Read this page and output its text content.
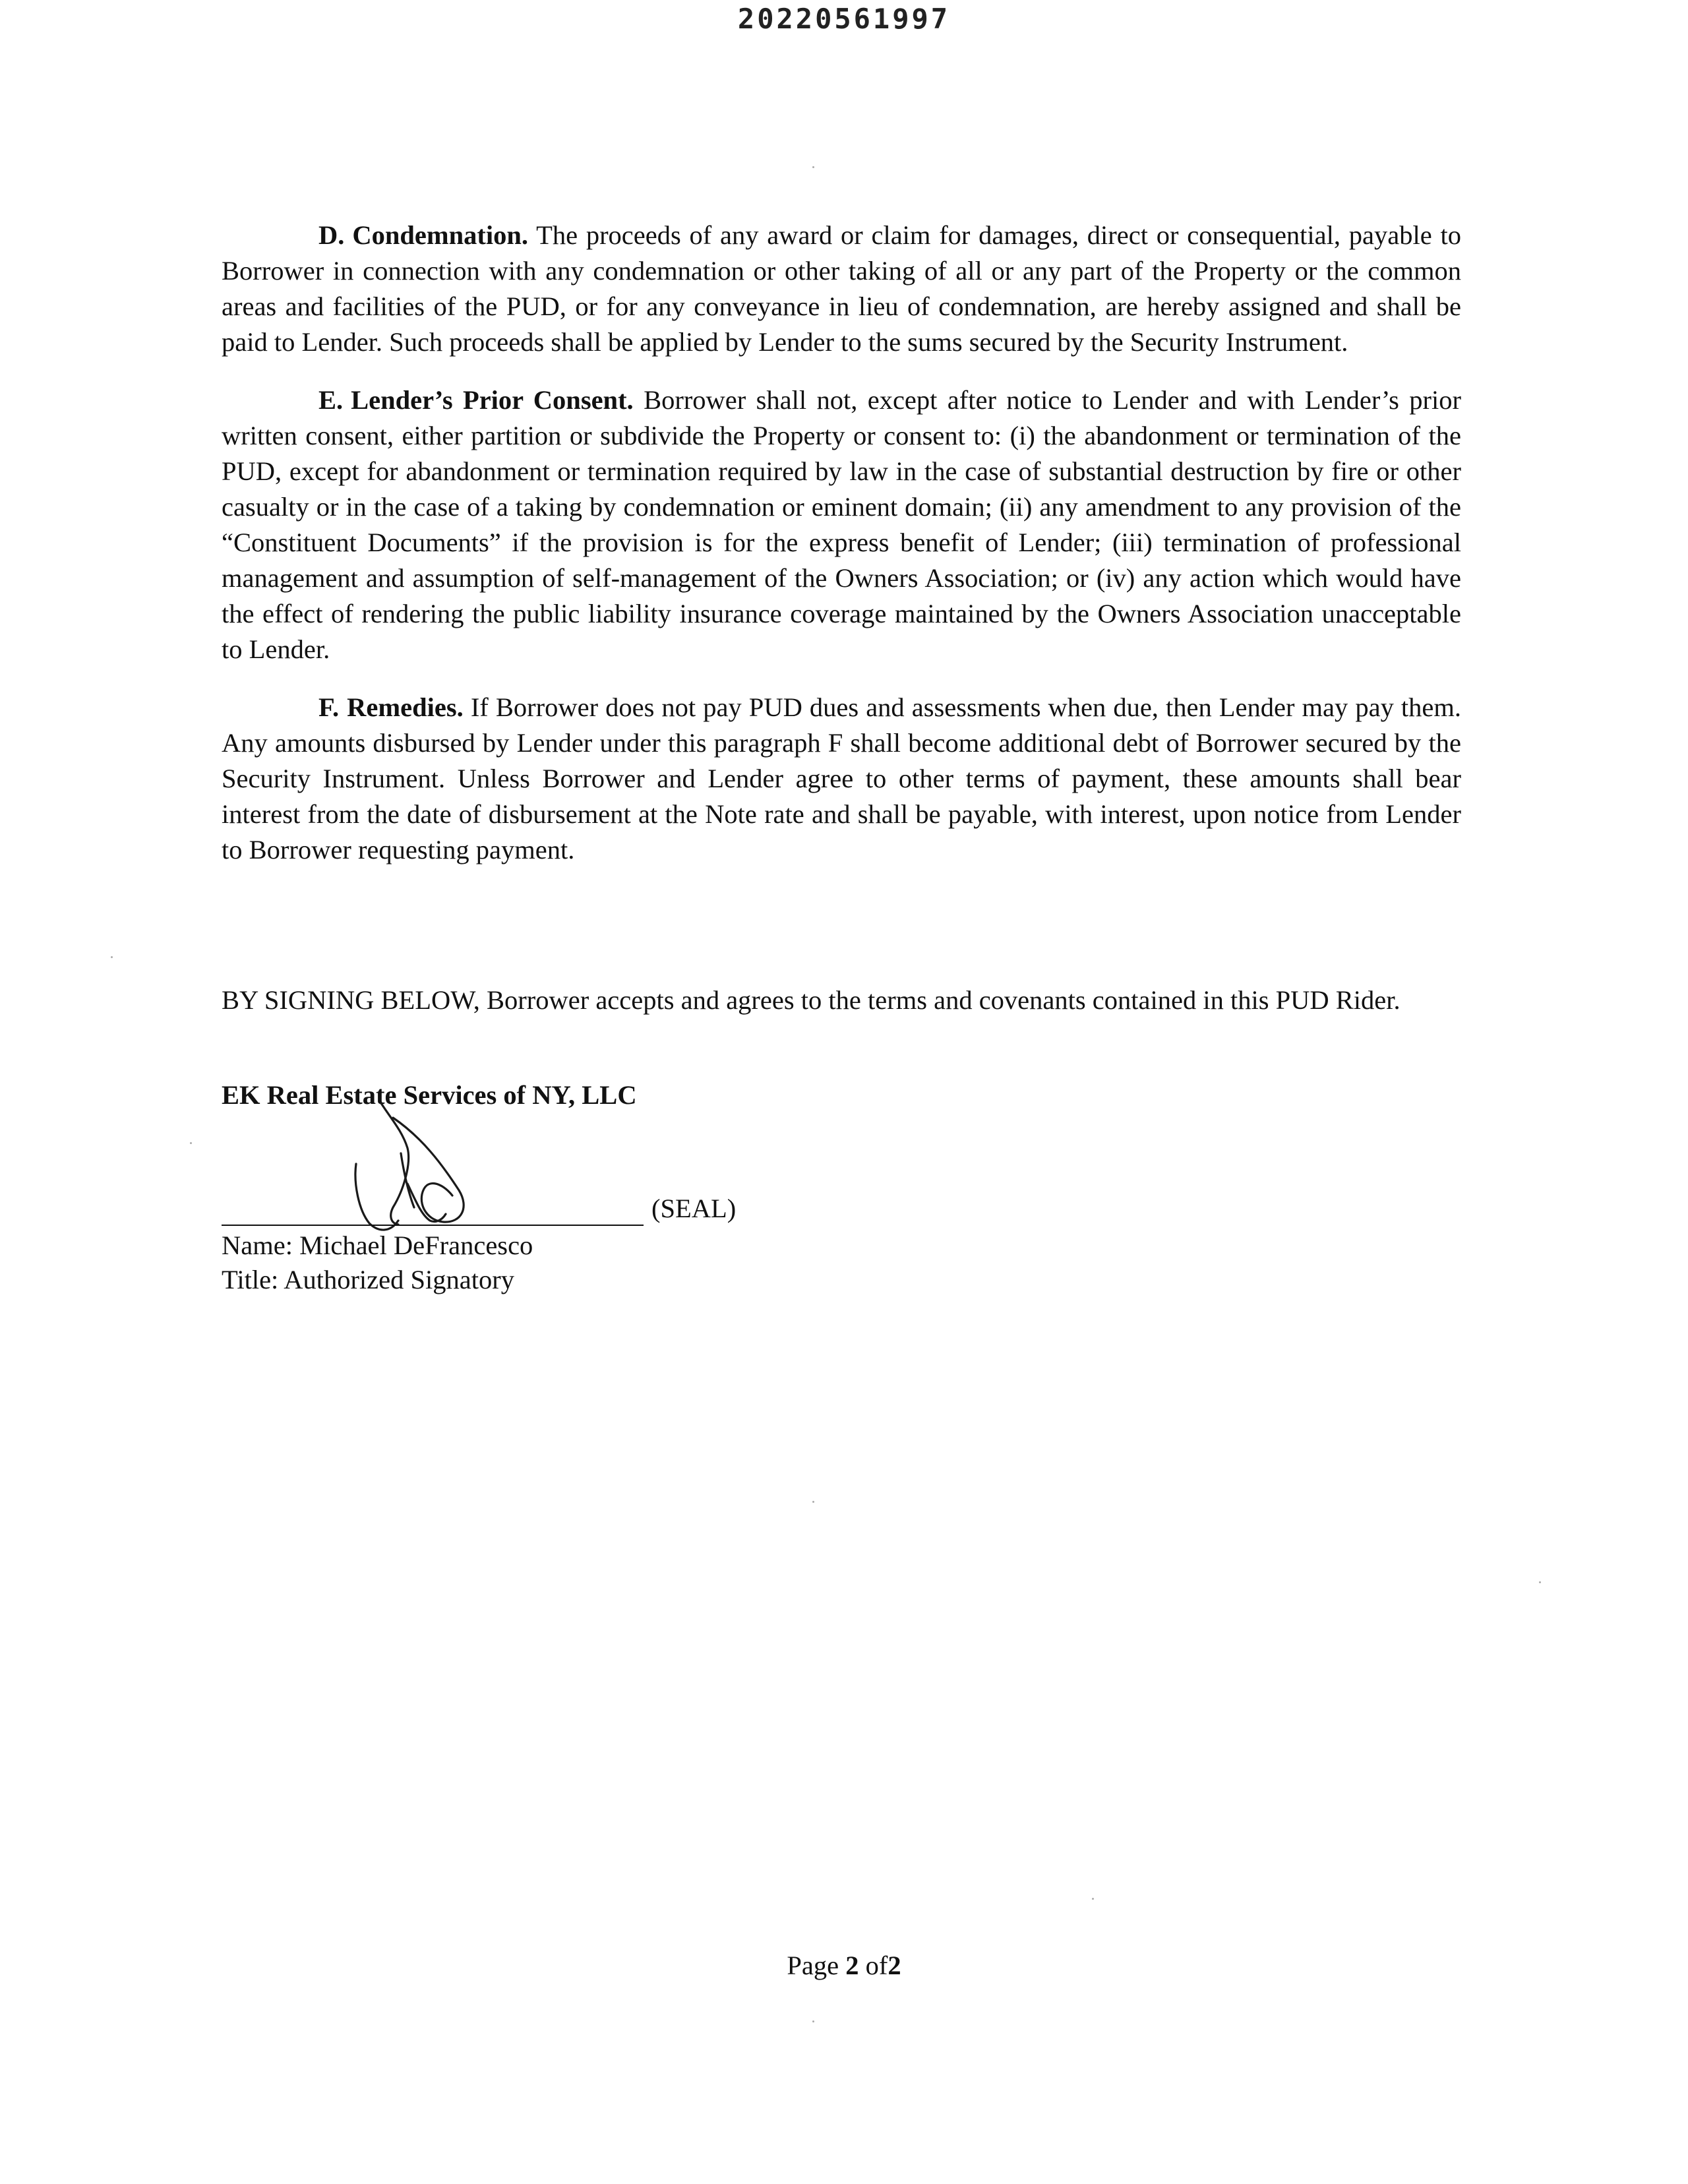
20220561997

D. Condemnation. The proceeds of any award or claim for damages, direct or consequential, payable to Borrower in connection with any condemnation or other taking of all or any part of the Property or the common areas and facilities of the PUD, or for any conveyance in lieu of condemnation, are hereby assigned and shall be paid to Lender. Such proceeds shall be applied by Lender to the sums secured by the Security Instrument.

E. Lender’s Prior Consent. Borrower shall not, except after notice to Lender and with Lender’s prior written consent, either partition or subdivide the Property or consent to: (i) the abandonment or termination of the PUD, except for abandonment or termination required by law in the case of substantial destruction by fire or other casualty or in the case of a taking by condemnation or eminent domain; (ii) any amendment to any provision of the “Constituent Documents” if the provision is for the express benefit of Lender; (iii) termination of professional management and assumption of self-management of the Owners Association; or (iv) any action which would have the effect of rendering the public liability insurance coverage maintained by the Owners Association unacceptable to Lender.

F. Remedies. If Borrower does not pay PUD dues and assessments when due, then Lender may pay them. Any amounts disbursed by Lender under this paragraph F shall become additional debt of Borrower secured by the Security Instrument. Unless Borrower and Lender agree to other terms of payment, these amounts shall bear interest from the date of disbursement at the Note rate and shall be payable, with interest, upon notice from Lender to Borrower requesting payment.

BY SIGNING BELOW, Borrower accepts and agrees to the terms and covenants contained in this PUD Rider.
EK Real Estate Services of NY, LLC
(SEAL)
Name: Michael DeFrancesco
Title: Authorized Signatory
Page 2 of2
